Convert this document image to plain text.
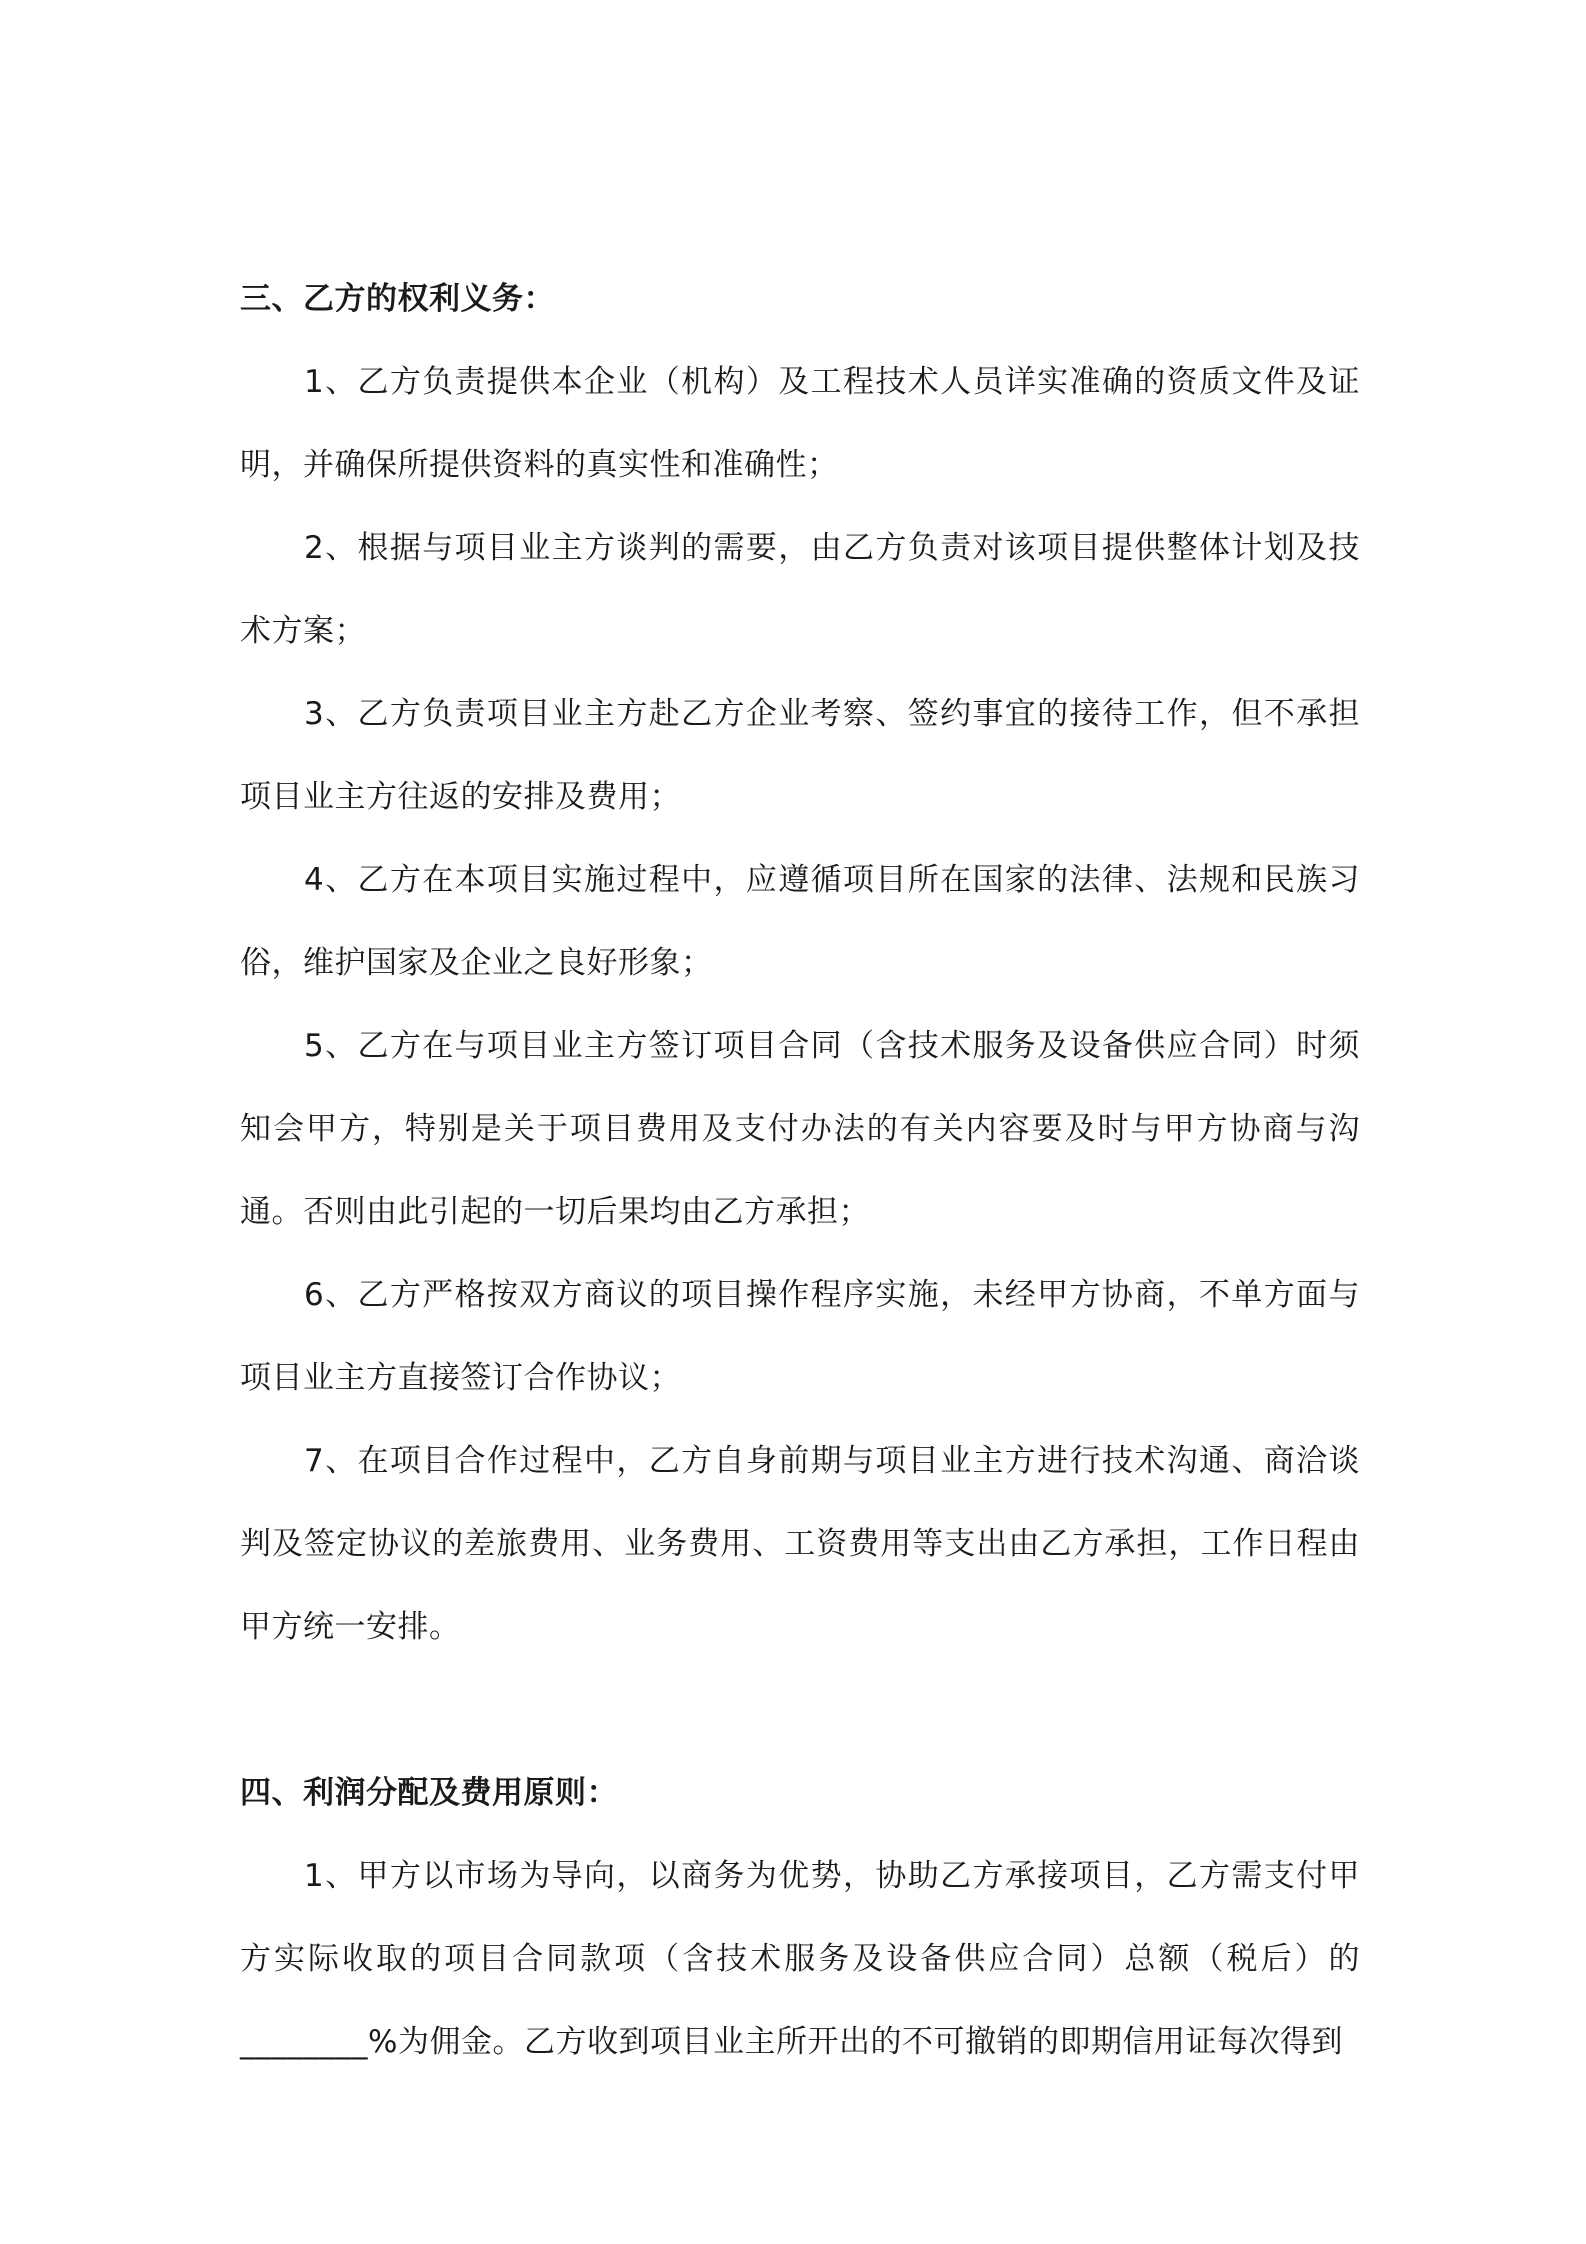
三、乙方的权利义务：

1、乙方负责提供本企业（机构）及工程技术人员详实准确的资质文件及证明，并确保所提供资料的真实性和准确性；

2、根据与项目业主方谈判的需要，由乙方负责对该项目提供整体计划及技术方案；

3、乙方负责项目业主方赴乙方企业考察、签约事宜的接待工作，但不承担项目业主方往返的安排及费用；

4、乙方在本项目实施过程中，应遵循项目所在国家的法律、法规和民族习俗，维护国家及企业之良好形象；

5、乙方在与项目业主方签订项目合同（含技术服务及设备供应合同）时须知会甲方，特别是关于项目费用及支付办法的有关内容要及时与甲方协商与沟通。否则由此引起的一切后果均由乙方承担；

6、乙方严格按双方商议的项目操作程序实施，未经甲方协商，不单方面与项目业主方直接签订合作协议；

7、在项目合作过程中，乙方自身前期与项目业主方进行技术沟通、商洽谈判及签定协议的差旅费用、业务费用、工资费用等支出由乙方承担，工作日程由甲方统一安排。

四、利润分配及费用原则：

1、甲方以市场为导向，以商务为优势，协助乙方承接项目，乙方需支付甲方实际收取的项目合同款项（含技术服务及设备供应合同）总额（税后）的________%为佣金。乙方收到项目业主所开出的不可撤销的即期信用证每次得到
